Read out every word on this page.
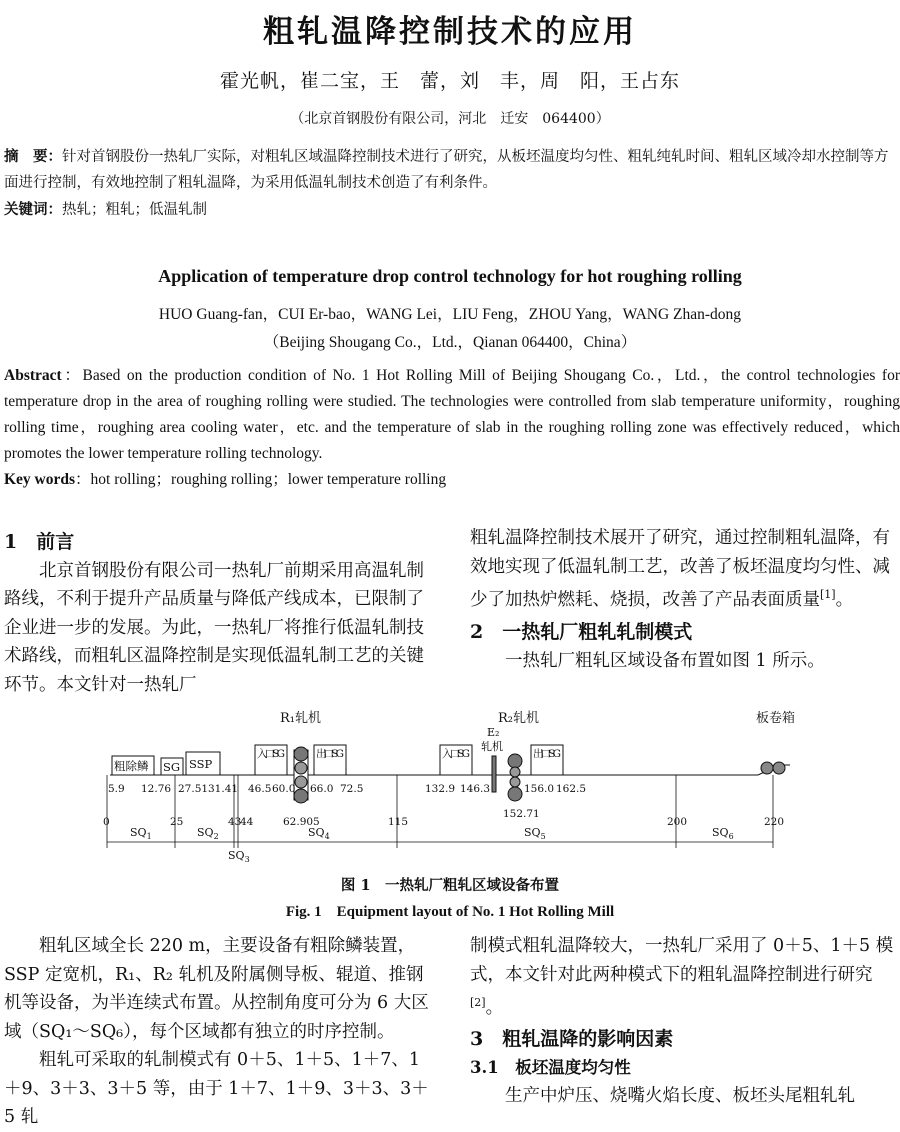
粗轧温降控制技术的应用
霍光帆，崔二宝，王　蕾，刘　丰，周　阳，王占东
（北京首钢股份有限公司，河北　迁安　064400）
摘　要：针对首钢股份一热轧厂实际，对粗轧区域温降控制技术进行了研究，从板坯温度均匀性、粗轧纯轧时间、粗轧区域冷却水控制等方面进行控制，有效地控制了粗轧温降，为采用低温轧制技术创造了有利条件。
关键词：热轧；粗轧；低温轧制
Application of temperature drop control technology for hot roughing rolling
HUO Guang-fan，CUI Er-bao，WANG Lei，LIU Feng，ZHOU Yang，WANG Zhan-dong
（Beijing Shougang Co.，Ltd.，Qianan 064400，China）
Abstract：Based on the production condition of No. 1 Hot Rolling Mill of Beijing Shougang Co.，Ltd.，the control technologies for temperature drop in the area of roughing rolling were studied. The technologies were controlled from slab temperature uniformity，roughing rolling time，roughing area cooling water，etc. and the temperature of slab in the roughing rolling zone was effectively reduced，which promotes the lower temperature rolling technology.
Key words：hot rolling；roughing rolling；lower temperature rolling
1　前言
北京首钢股份有限公司一热轧厂前期采用高温轧制路线，不利于提升产品质量与降低产线成本，已限制了企业进一步的发展。为此，一热轧厂将推行低温轧制技术路线，而粗轧区温降控制是实现低温轧制工艺的关键环节。本文针对一热轧厂
粗轧温降控制技术展开了研究，通过控制粗轧温降，有效地实现了低温轧制工艺，改善了板坯温度均匀性、减少了加热炉燃耗、烧损，改善了产品表面质量[1]。
2　一热轧厂粗轧轧制模式
一热轧厂粗轧区域设备布置如图 1 所示。
R₁轧机	R₂轧机	板卷箱
E₂
轧机
粗除鳞 SG SSP
入口SG	出口SG	入口SG	出口SG
5.9 12.76 27.51 31.41 46.5 60.0 66.0 72.5	132.9 146.3	156.0 162.5
62.905
152.71
0	25	43
44	115	200	220
$SQ_1$	$SQ_2$
$SQ_3$
$SQ_4$	$SQ_5$	$SQ_6$
图 1　一热轧厂粗轧区域设备布置
Fig. 1　Equipment layout of No. 1 Hot Rolling Mill
粗轧区域全长 220 m，主要设备有粗除鳞装置，SSP 定宽机，R₁、R₂ 轧机及附属侧导板、辊道、推钢机等设备，为半连续式布置。从控制角度可分为 6 大区域（SQ₁～SQ₆），每个区域都有独立的时序控制。
粗轧可采取的轧制模式有 0＋5、1＋5、1＋7、1＋9、3＋3、3＋5 等，由于 1＋7、1＋9、3＋3、3＋5 轧
制模式粗轧温降较大，一热轧厂采用了 0＋5、1＋5 模式，本文针对此两种模式下的粗轧温降控制进行研究[2]。
3　粗轧温降的影响因素
3.1　板坯温度均匀性
生产中炉压、烧嘴火焰长度、板坯头尾粗轧轧
